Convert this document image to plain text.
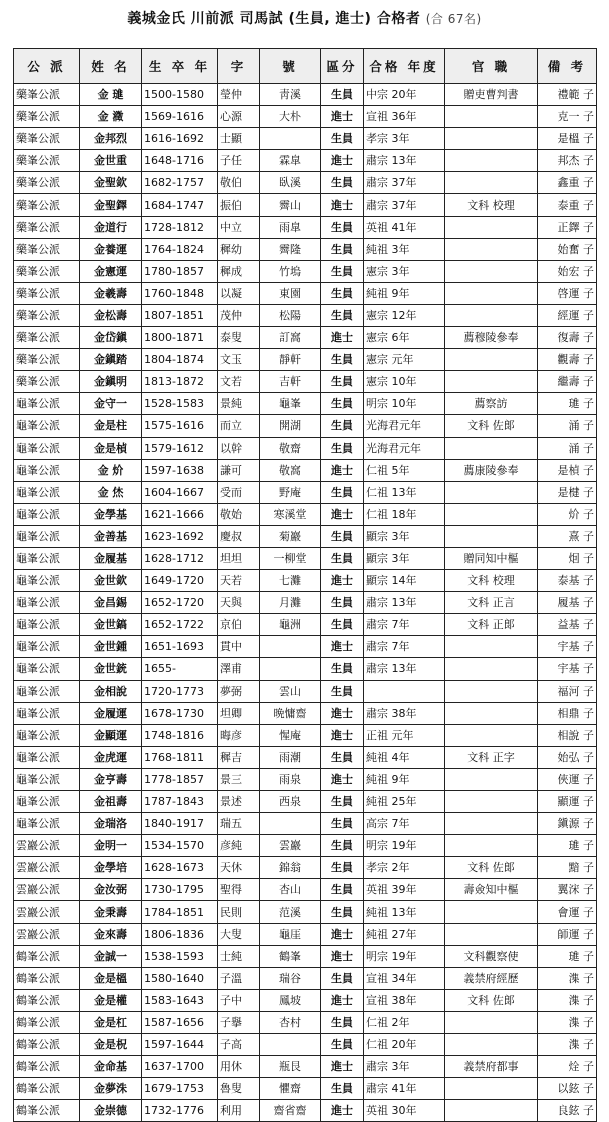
義城金氏 川前派 司馬試 (生員, 進士) 合格者 (合 67名)
公 派	姓 名	生 卒 年	字	號	區分	合格 年度	官 職	備 考
藥峯公派	金 璡	1500-1580	瑩仲	靑溪	生員	中宗 20年	贈吏曹判書	禮範 子
藥峯公派	金 瀓	1569-1616	心源	大朴	進士	宣祖 36年		克一 子
藥峯公派	金邦烈	1616-1692	士顯		生員	孝宗 3年		是榲 子
藥峯公派	金世重	1648-1716	子任	霖皐	進士	肅宗 13年		邦杰 子
藥峯公派	金聖欽	1682-1757	敬伯	臥溪	生員	肅宗 37年		鑫重 子
藥峯公派	金聖鐸	1684-1747	振伯	霽山	進士	肅宗 37年	文科 校理	泰重 子
藥峯公派	金道行	1728-1812	中立	雨皐	生員	英祖 41年		正鐸 子
藥峯公派	金養運	1764-1824	穉幼	霽隆	生員	純祖 3年		始奮 子
藥峯公派	金憲運	1780-1857	穉成	竹塢	生員	憲宗 3年		始宏 子
藥峯公派	金羲壽	1760-1848	以凝	東園	生員	純祖 9年		啓運 子
藥峯公派	金松壽	1807-1851	茂仲	松陽	生員	憲宗 12年		經運 子
藥峯公派	金岱鎭	1800-1871	泰叟	訂窩	進士	憲宗 6年	薦穆陵參奉	復壽 子
藥峯公派	金鎭踏	1804-1874	文玉	靜軒	生員	憲宗 元年		觀壽 子
藥峯公派	金鎭明	1813-1872	文若	吉軒	生員	憲宗 10年		繼壽 子
龜峯公派	金守一	1528-1583	景純	龜峯	生員	明宗 10年	薦察訪	璡 子
龜峯公派	金是柱	1575-1616	而立	開湖	生員	光海君元年	文科 佐郞	涌 子
龜峯公派	金是楨	1579-1612	以幹	敬齋	生員	光海君元年		涌 子
龜峯公派	金 炌	1597-1638	謙可	敬窩	進士	仁祖 5年	薦康陵參奉	是楨 子
龜峯公派	金 烋	1604-1667	受而	野庵	生員	仁祖 13年		是楗 子
龜峯公派	金學基	1621-1666	敬始	寒溪堂	進士	仁祖 18年		炌 子
龜峯公派	金善基	1623-1692	慶叔	菊巖	生員	顯宗 3年		熹 子
龜峯公派	金履基	1628-1712	坦坦	一柳堂	生員	顯宗 3年	贈同知中樞	𤇆 子
龜峯公派	金世欽	1649-1720	天若	七灘	進士	顯宗 14年	文科 校理	泰基 子
龜峯公派	金昌錫	1652-1720	天與	月灘	生員	肅宗 13年	文科 正言	履基 子
龜峯公派	金世鎬	1652-1722	京伯	龜洲	生員	肅宗 7年	文科 正郞	益基 子
龜峯公派	金世鍾	1651-1693	貫中		進士	肅宗 7年		宇基 子
龜峯公派	金世銃	1655-	澤甫		生員	肅宗 13年		宇基 子
龜峯公派	金相說	1720-1773	夢弼	雲山	生員			福河 子
龜峯公派	金履運	1678-1730	坦卿	晩慵齋	進士	肅宗 38年		相鼎 子
龜峯公派	金顯運	1748-1816	晦彦	惺庵	進士	正祖 元年		相說 子
龜峯公派	金虎運	1768-1811	穉吉	雨潮	生員	純祖 4年	文科 正字	始弘 子
龜峯公派	金亨壽	1778-1857	景三	雨泉	進士	純祖 9年		俠運 子
龜峯公派	金祖壽	1787-1843	景述	西泉	生員	純祖 25年		顯運 子
龜峯公派	金瑞洛	1840-1917	瑞五		生員	高宗 7年		鎭源 子
雲巖公派	金明一	1534-1570	彦純	雲巖	生員	明宗 19年		璡 子
雲巖公派	金學培	1628-1673	天休	錦翁	生員	孝宗 2年	文科 佐郞	黯 子
雲巖公派	金汝弼	1730-1795	聖得	杏山	生員	英祖 39年	壽僉知中樞	翼浨 子
雲巖公派	金秉壽	1784-1851	民則	范溪	生員	純祖 13年		會運 子
雲巖公派	金來壽	1806-1836	大叟	龜厓	進士	純祖 27年		師運 子
鶴峯公派	金誠一	1538-1593	士純	鶴峯	進士	明宗 19年	文科觀察使	璡 子
鶴峯公派	金是榲	1580-1640	子溫	瑞谷	生員	宣祖 34年	義禁府經歷	潗 子
鶴峯公派	金是權	1583-1643	子中	鳳坡	進士	宣祖 38年	文科 佐郞	潗 子
鶴峯公派	金是杠	1587-1656	子擧	杏村	生員	仁祖 2年		潗 子
鶴峯公派	金是柷	1597-1644	子高		生員	仁祖 20年		潗 子
鶴峯公派	金命基	1637-1700	用休	瓶艮	進士	肅宗 3年	義禁府都事	烇 子
鶴峯公派	金夢洙	1679-1753	魯叟	懼齋	生員	肅宗 41年		以鉉 子
鶴峯公派	金崇德	1732-1776	利用	齋省齋	進士	英祖 30年		良鉉 子
